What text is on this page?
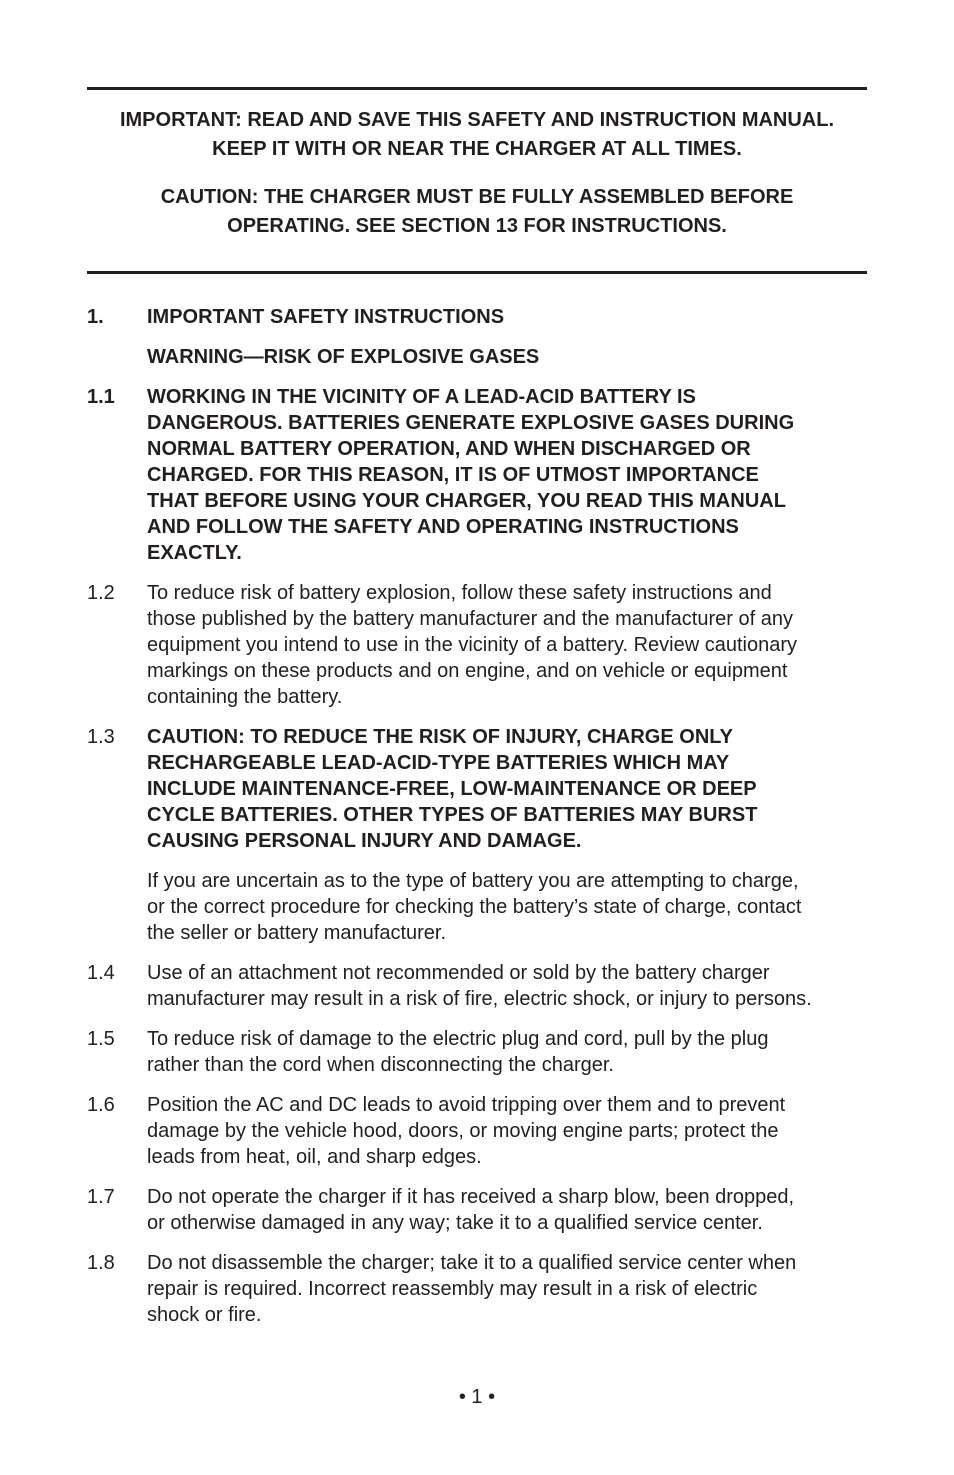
IMPORTANT: READ AND SAVE THIS SAFETY AND INSTRUCTION MANUAL.
KEEP IT WITH OR NEAR THE CHARGER AT ALL TIMES.
CAUTION: THE CHARGER MUST BE FULLY ASSEMBLED BEFORE
OPERATING. SEE SECTION 13 FOR INSTRUCTIONS.
1.	IMPORTANT SAFETY INSTRUCTIONS
WARNING—RISK OF EXPLOSIVE GASES
1.1	WORKING IN THE VICINITY OF A LEAD-ACID BATTERY IS
DANGEROUS. BATTERIES GENERATE EXPLOSIVE GASES DURING
NORMAL BATTERY OPERATION, AND WHEN DISCHARGED OR
CHARGED. FOR THIS REASON, IT IS OF UTMOST IMPORTANCE
THAT BEFORE USING YOUR CHARGER, YOU READ THIS MANUAL
AND FOLLOW THE SAFETY AND OPERATING INSTRUCTIONS
EXACTLY.
1.2	To reduce risk of battery explosion, follow these safety instructions and
those published by the battery manufacturer and the manufacturer of any
equipment you intend to use in the vicinity of a battery. Review cautionary
markings on these products and on engine, and on vehicle or equipment
containing the battery.
1.3	CAUTION: TO REDUCE THE RISK OF INJURY, CHARGE ONLY
RECHARGEABLE LEAD-ACID-TYPE BATTERIES WHICH MAY
INCLUDE MAINTENANCE-FREE, LOW-MAINTENANCE OR DEEP
CYCLE BATTERIES. OTHER TYPES OF BATTERIES MAY BURST
CAUSING PERSONAL INJURY AND DAMAGE.
If you are uncertain as to the type of battery you are attempting to charge,
or the correct procedure for checking the battery’s state of charge, contact
the seller or battery manufacturer.
1.4	Use of an attachment not recommended or sold by the battery charger
manufacturer may result in a risk of fire, electric shock, or injury to persons.
1.5	To reduce risk of damage to the electric plug and cord, pull by the plug
rather than the cord when disconnecting the charger.
1.6	Position the AC and DC leads to avoid tripping over them and to prevent
damage by the vehicle hood, doors, or moving engine parts; protect the
leads from heat, oil, and sharp edges.
1.7	Do not operate the charger if it has received a sharp blow, been dropped,
or otherwise damaged in any way; take it to a qualified service center.
1.8	Do not disassemble the charger; take it to a qualified service center when
repair is required. Incorrect reassembly may result in a risk of electric
shock or fire.
• 1 •
